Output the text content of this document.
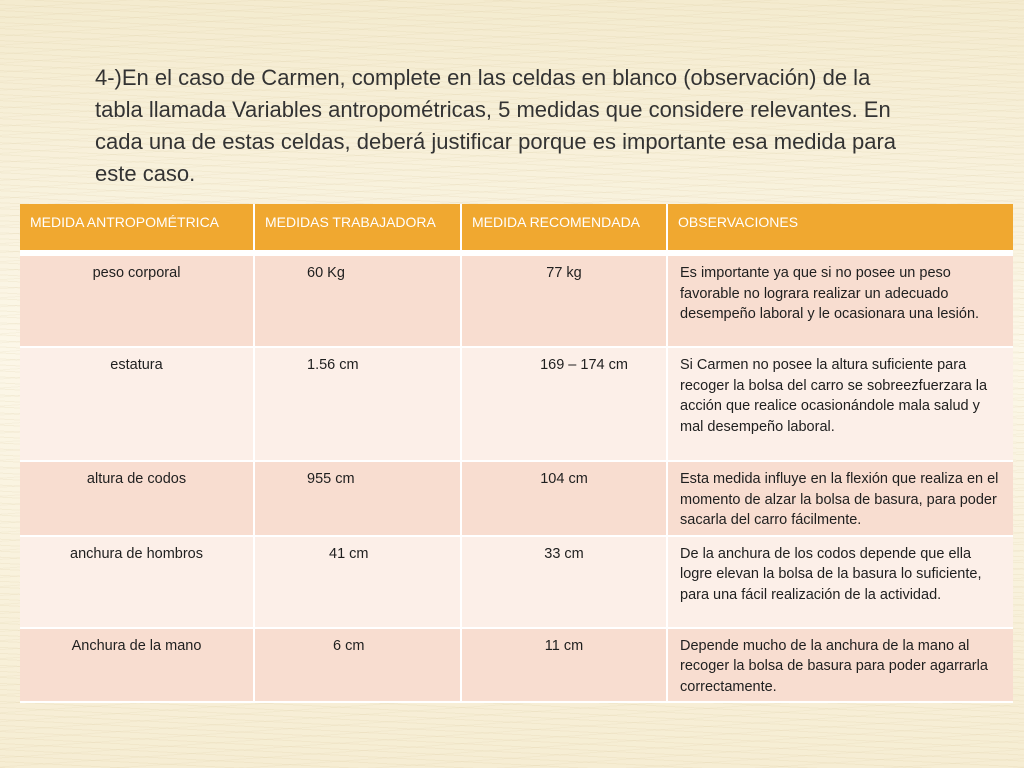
4-)En el caso de Carmen, complete en las celdas en blanco (observación) de la tabla llamada Variables antropométricas, 5 medidas que considere relevantes. En cada una de estas celdas, deberá justificar porque es importante esa medida para este caso.

MEDIDA ANTROPOMÉTRICA	MEDIDAS TRABAJADORA	MEDIDA RECOMENDADA	OBSERVACIONES
peso corporal	60 Kg	77 kg	Es importante ya que si no posee un peso favorable no lograra realizar un adecuado desempeño laboral y le ocasionara una lesión.
estatura	1.56 cm	169 – 174 cm	Si Carmen no posee la altura suficiente para recoger la bolsa del carro se sobreezfuerzara la acción que realice ocasionándole mala salud y mal desempeño laboral.
altura de codos	955 cm	104 cm	Esta medida influye en la flexión que realiza en el momento de alzar la bolsa de basura, para poder sacarla del carro fácilmente.
anchura de hombros	41 cm	33 cm	De la anchura de los codos depende que ella logre elevan la bolsa de la basura lo suficiente, para una fácil realización de la actividad.
Anchura de la mano	6 cm	11 cm	Depende mucho de la anchura de la mano al recoger la bolsa de basura para poder agarrarla correctamente.
